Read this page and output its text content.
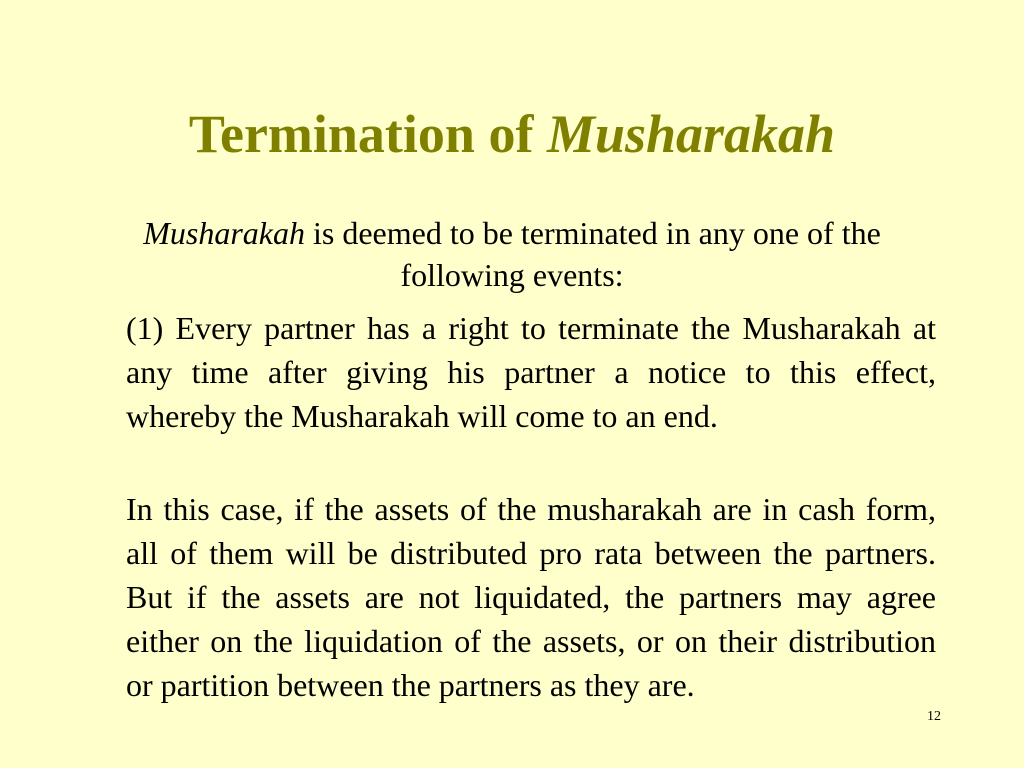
Termination of Musharakah

Musharakah is deemed to be terminated in any one of the following events:

(1) Every partner has a right to terminate the Musharakah at any time after giving his partner a notice to this effect, whereby the Musharakah will come to an end.

In this case, if the assets of the musharakah are in cash form, all of them will be distributed pro rata between the partners. But if the assets are not liquidated, the partners may agree either on the liquidation of the assets, or on their distribution or partition between the partners as they are.

12
